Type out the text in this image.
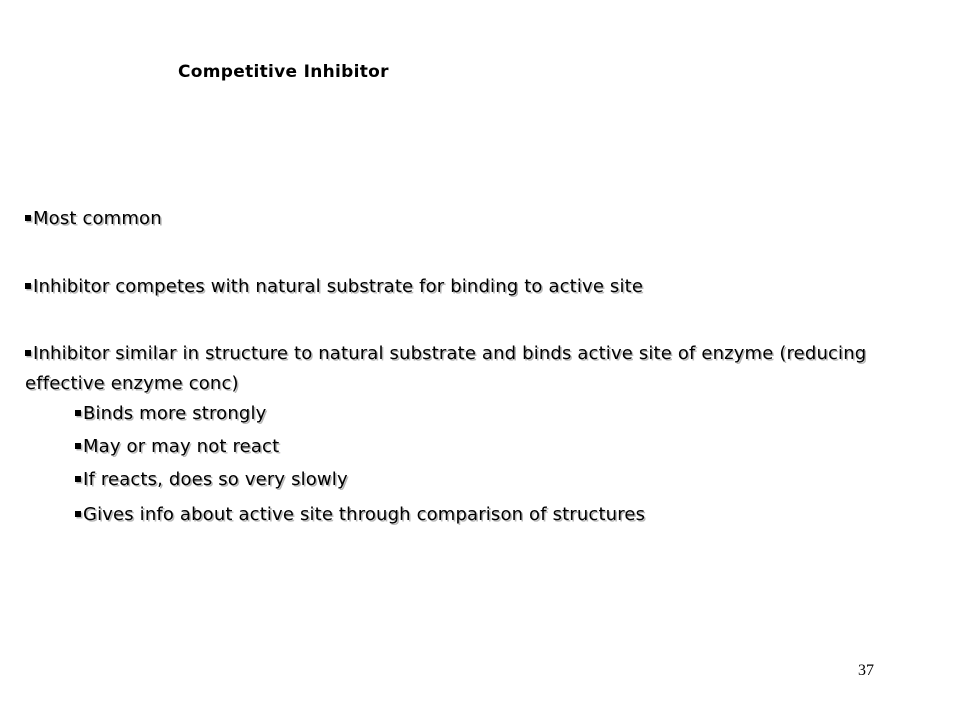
Competitive Inhibitor
Most common
Inhibitor competes with natural substrate for binding to active site
Inhibitor similar in structure to natural substrate and binds active site of enzyme (reducing effective enzyme conc)
Binds more strongly
May or may not react
If reacts, does so very slowly
Gives info about active site through comparison of structures
37
